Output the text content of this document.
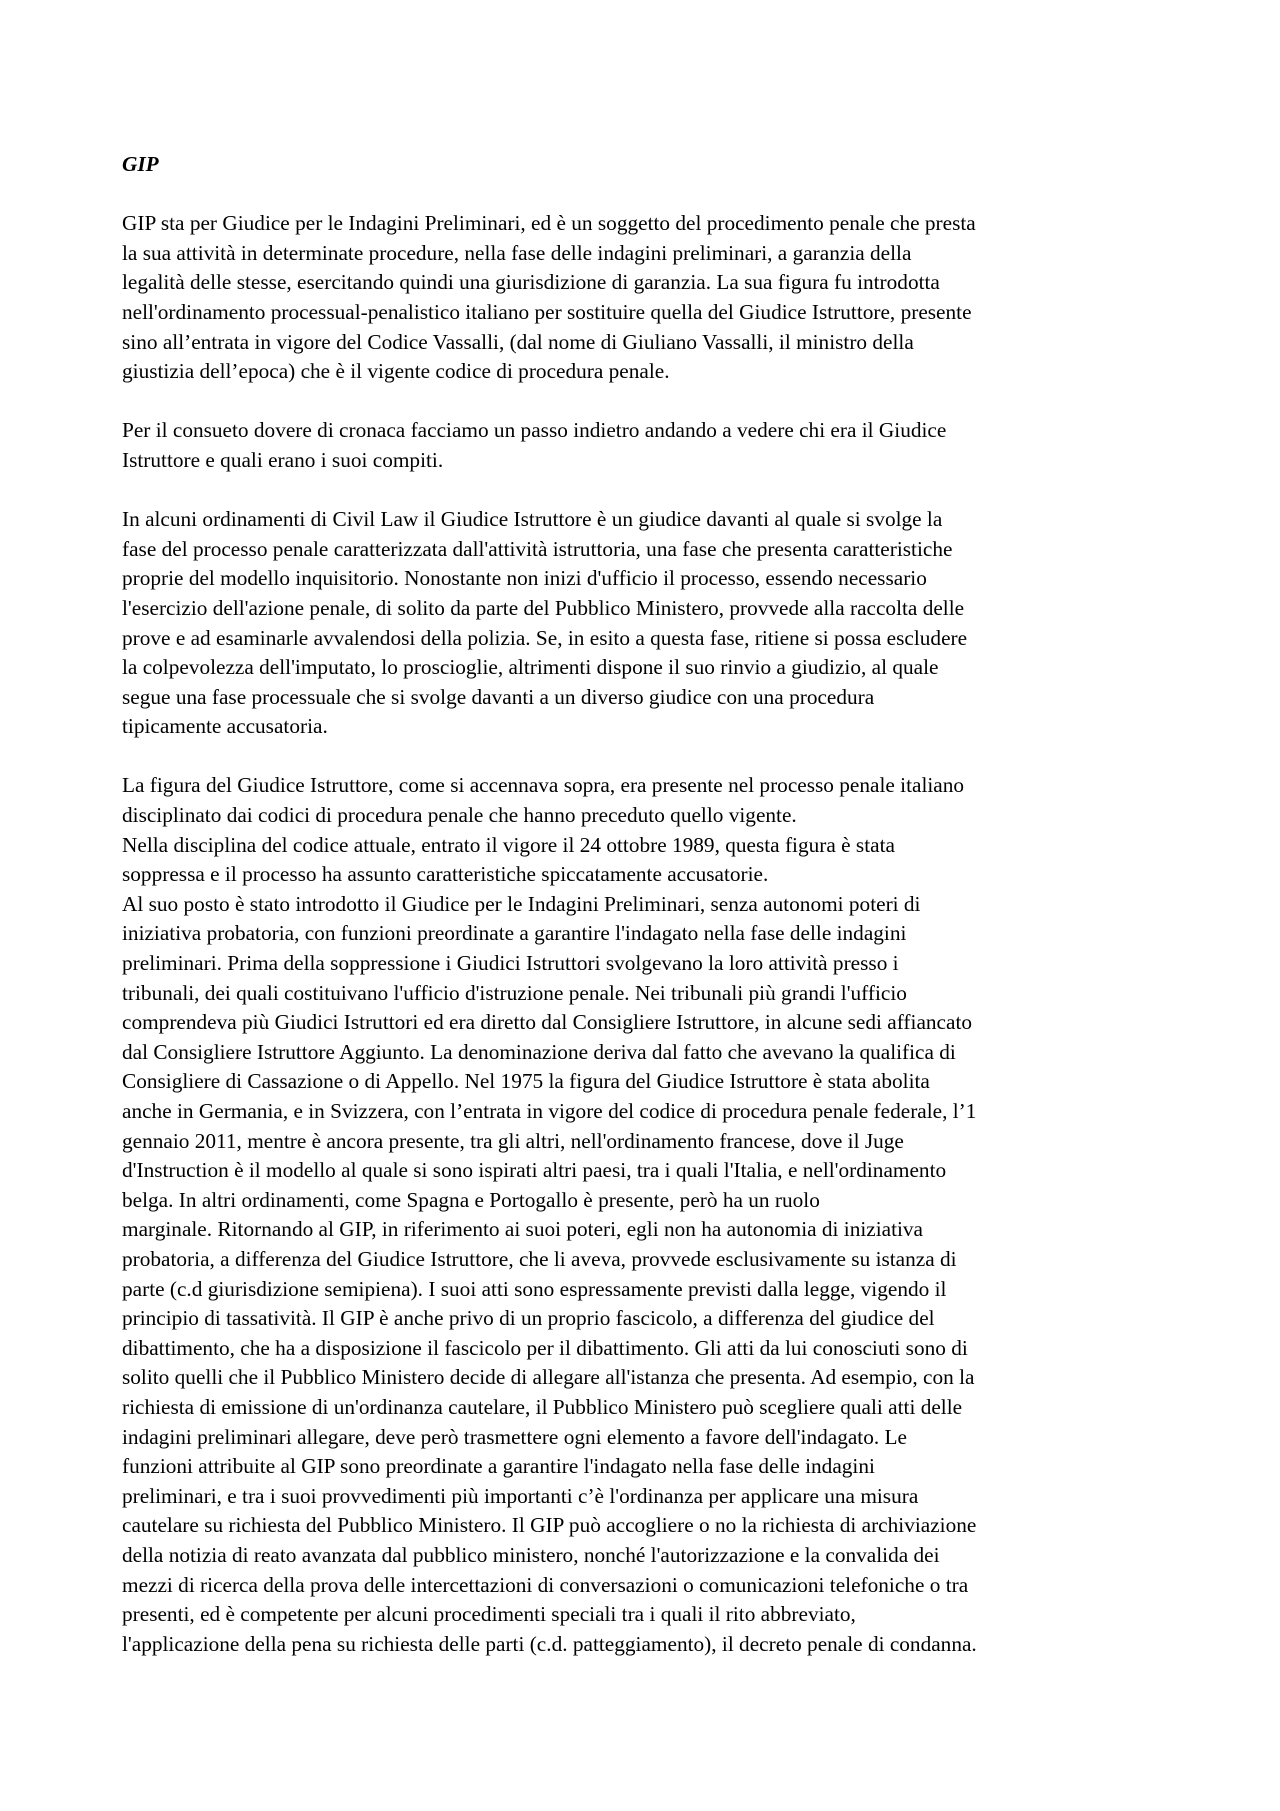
GIP
GIP sta per Giudice per le Indagini Preliminari, ed è un soggetto del procedimento penale che presta
la sua attività in determinate procedure, nella fase delle indagini preliminari, a garanzia della
legalità delle stesse, esercitando quindi una giurisdizione di garanzia. La sua figura fu introdotta
nell'ordinamento processual-penalistico italiano per sostituire quella del Giudice Istruttore, presente
sino all’entrata in vigore del Codice Vassalli, (dal nome di Giuliano Vassalli, il ministro della
giustizia dell’epoca) che è il vigente codice di procedura penale.
Per il consueto dovere di cronaca facciamo un passo indietro andando a vedere chi era il Giudice
Istruttore e quali erano i suoi compiti.
In alcuni ordinamenti di Civil Law il Giudice Istruttore è un giudice davanti al quale si svolge la
fase del processo penale caratterizzata dall'attività istruttoria, una fase che presenta caratteristiche
proprie del modello inquisitorio. Nonostante non inizi d'ufficio il processo, essendo necessario
l'esercizio dell'azione penale, di solito da parte del Pubblico Ministero, provvede alla raccolta delle
prove e ad esaminarle avvalendosi della polizia. Se, in esito a questa fase, ritiene si possa escludere
la colpevolezza dell'imputato, lo proscioglie, altrimenti dispone il suo rinvio a giudizio, al quale
segue una fase processuale che si svolge davanti a un diverso giudice con una procedura
tipicamente accusatoria.
La figura del Giudice Istruttore, come si accennava sopra, era presente nel processo penale italiano
disciplinato dai codici di procedura penale che hanno preceduto quello vigente.
Nella disciplina del codice attuale, entrato il vigore il 24 ottobre 1989, questa figura è stata
soppressa e il processo ha assunto caratteristiche spiccatamente accusatorie.
Al suo posto è stato introdotto il Giudice per le Indagini Preliminari, senza autonomi poteri di
iniziativa probatoria, con funzioni preordinate a garantire l'indagato nella fase delle indagini
preliminari. Prima della soppressione i Giudici Istruttori svolgevano la loro attività presso i
tribunali, dei quali costituivano l'ufficio d'istruzione penale. Nei tribunali più grandi l'ufficio
comprendeva più Giudici Istruttori ed era diretto dal Consigliere Istruttore, in alcune sedi affiancato
dal Consigliere Istruttore Aggiunto. La denominazione deriva dal fatto che avevano la qualifica di
Consigliere di Cassazione o di Appello. Nel 1975 la figura del Giudice Istruttore è stata abolita
anche in Germania, e in Svizzera, con l’entrata in vigore del codice di procedura penale federale, l’1
gennaio 2011, mentre è ancora presente, tra gli altri, nell'ordinamento francese, dove il Juge
d'Instruction è il modello al quale si sono ispirati altri paesi, tra i quali l'Italia, e nell'ordinamento
belga. In altri ordinamenti, come Spagna e Portogallo è presente, però ha un ruolo
marginale. Ritornando al GIP, in riferimento ai suoi poteri, egli non ha autonomia di iniziativa
probatoria, a differenza del Giudice Istruttore, che li aveva, provvede esclusivamente su istanza di
parte (c.d giurisdizione semipiena). I suoi atti sono espressamente previsti dalla legge, vigendo il
principio di tassatività. Il GIP è anche privo di un proprio fascicolo, a differenza del giudice del
dibattimento, che ha a disposizione il fascicolo per il dibattimento. Gli atti da lui conosciuti sono di
solito quelli che il Pubblico Ministero decide di allegare all'istanza che presenta. Ad esempio, con la
richiesta di emissione di un'ordinanza cautelare, il Pubblico Ministero può scegliere quali atti delle
indagini preliminari allegare, deve però trasmettere ogni elemento a favore dell'indagato. Le
funzioni attribuite al GIP sono preordinate a garantire l'indagato nella fase delle indagini
preliminari, e tra i suoi provvedimenti più importanti c’è l'ordinanza per applicare una misura
cautelare su richiesta del Pubblico Ministero. Il GIP può accogliere o no la richiesta di archiviazione
della notizia di reato avanzata dal pubblico ministero, nonché l'autorizzazione e la convalida dei
mezzi di ricerca della prova delle intercettazioni di conversazioni o comunicazioni telefoniche o tra
presenti, ed è competente per alcuni procedimenti speciali tra i quali il rito abbreviato,
l'applicazione della pena su richiesta delle parti (c.d. patteggiamento), il decreto penale di condanna.
